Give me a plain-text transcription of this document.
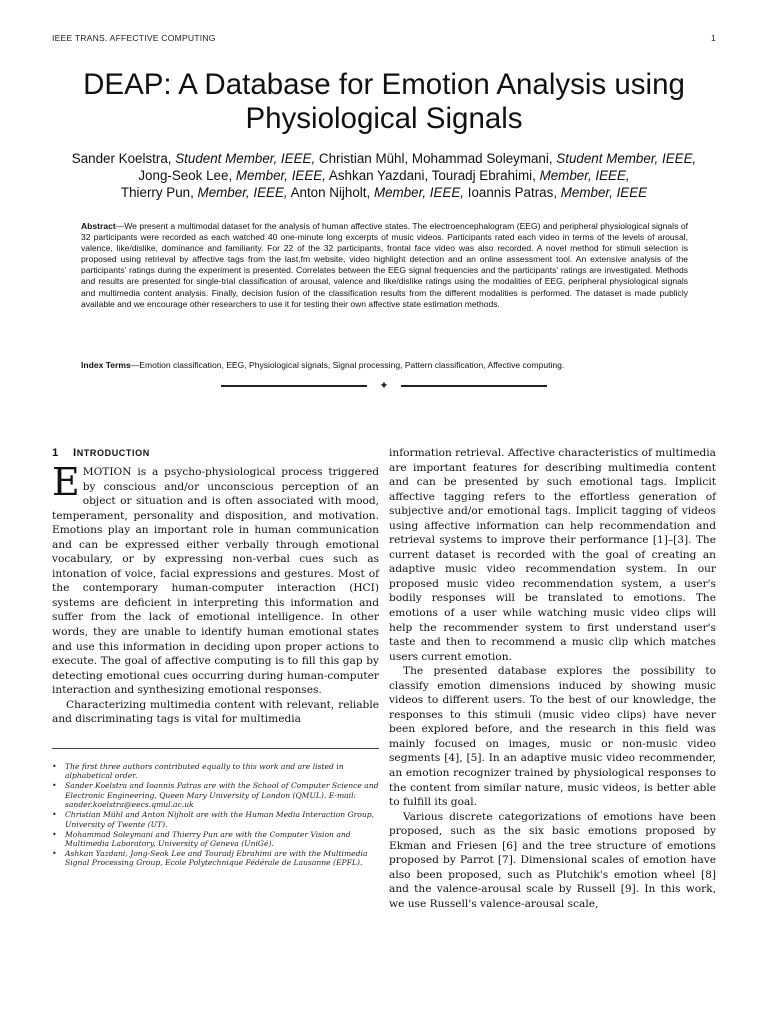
IEEE TRANS. AFFECTIVE COMPUTING	1
DEAP: A Database for Emotion Analysis using
Physiological Signals
Sander Koelstra, Student Member, IEEE, Christian Mühl, Mohammad Soleymani, Student Member, IEEE,
Jong-Seok Lee, Member, IEEE, Ashkan Yazdani, Touradj Ebrahimi, Member, IEEE,
Thierry Pun, Member, IEEE, Anton Nijholt, Member, IEEE, Ioannis Patras, Member, IEEE
Abstract—We present a multimodal dataset for the analysis of human affective states. The electroencephalogram (EEG) and peripheral physiological signals of 32 participants were recorded as each watched 40 one-minute long excerpts of music videos. Participants rated each video in terms of the levels of arousal, valence, like/dislike, dominance and familiarity. For 22 of the 32 participants, frontal face video was also recorded. A novel method for stimuli selection is proposed using retrieval by affective tags from the last.fm website, video highlight detection and an online assessment tool. An extensive analysis of the participants' ratings during the experiment is presented. Correlates between the EEG signal frequencies and the participants' ratings are investigated. Methods and results are presented for single-trial classification of arousal, valence and like/dislike ratings using the modalities of EEG, peripheral physiological signals and multimedia content analysis. Finally, decision fusion of the classification results from the different modalities is performed. The dataset is made publicly available and we encourage other researchers to use it for testing their own affective state estimation methods.
Index Terms—Emotion classification, EEG, Physiological signals, Signal processing, Pattern classification, Affective computing.
✦
1 INTRODUCTION

EMOTION is a psycho-physiological process triggered by conscious and/or unconscious perception of an object or situation and is often associated with mood, temperament, personality and disposition, and motivation. Emotions play an important role in human communication and can be expressed either verbally through emotional vocabulary, or by expressing non-verbal cues such as intonation of voice, facial expressions and gestures. Most of the contemporary human-computer interaction (HCI) systems are deficient in interpreting this information and suffer from the lack of emotional intelligence. In other words, they are unable to identify human emotional states and use this information in deciding upon proper actions to execute. The goal of affective computing is to fill this gap by detecting emotional cues occurring during human-computer interaction and synthesizing emotional responses.

Characterizing multimedia content with relevant, reliable and discriminating tags is vital for multimedia

• The first three authors contributed equally to this work and are listed in alphabetical order.
• Sander Koelstra and Ioannis Patras are with the School of Computer Science and Electronic Engineering, Queen Mary University of London (QMUL). E-mail: sander.koelstra@eecs.qmul.ac.uk
• Christian Mühl and Anton Nijholt are with the Human Media Interaction Group, University of Twente (UT).
• Mohammad Soleymani and Thierry Pun are with the Computer Vision and Multimedia Laboratory, University of Geneva (UniGé).
• Ashkan Yazdani, Jong-Seok Lee and Touradj Ebrahimi are with the Multimedia Signal Processing Group, Ecole Polytechnique Fédérale de Lausanne (EPFL).

information retrieval. Affective characteristics of multimedia are important features for describing multimedia content and can be presented by such emotional tags. Implicit affective tagging refers to the effortless generation of subjective and/or emotional tags. Implicit tagging of videos using affective information can help recommendation and retrieval systems to improve their performance [1]–[3]. The current dataset is recorded with the goal of creating an adaptive music video recommendation system. In our proposed music video recommendation system, a user's bodily responses will be translated to emotions. The emotions of a user while watching music video clips will help the recommender system to first understand user's taste and then to recommend a music clip which matches users current emotion.

The presented database explores the possibility to classify emotion dimensions induced by showing music videos to different users. To the best of our knowledge, the responses to this stimuli (music video clips) have never been explored before, and the research in this field was mainly focused on images, music or non-music video segments [4], [5]. In an adaptive music video recommender, an emotion recognizer trained by physiological responses to the content from similar nature, music videos, is better able to fulfill its goal.

Various discrete categorizations of emotions have been proposed, such as the six basic emotions proposed by Ekman and Friesen [6] and the tree structure of emotions proposed by Parrot [7]. Dimensional scales of emotion have also been proposed, such as Plutchik's emotion wheel [8] and the valence-arousal scale by Russell [9]. In this work, we use Russell's valence-arousal scale,
